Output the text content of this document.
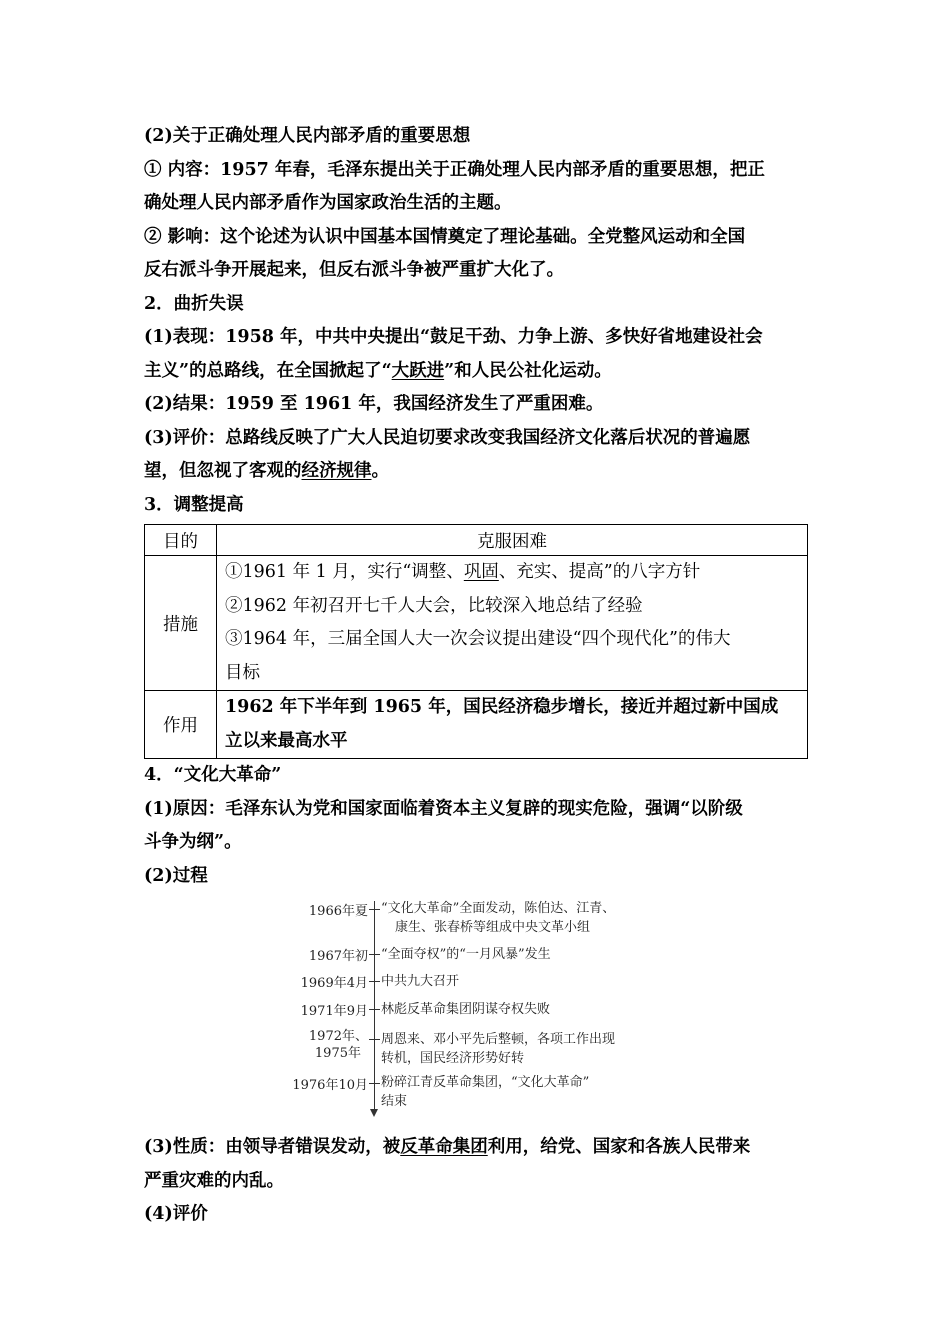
(2)关于正确处理人民内部矛盾的重要思想
① 内容：1957 年春，毛泽东提出关于正确处理人民内部矛盾的重要思想，把正
确处理人民内部矛盾作为国家政治生活的主题。
② 影响：这个论述为认识中国基本国情奠定了理论基础。全党整风运动和全国
反右派斗争开展起来，但反右派斗争被严重扩大化了。
2．曲折失误
(1)表现：1958 年，中共中央提出“鼓足干劲、力争上游、多快好省地建设社会
主义”的总路线，在全国掀起了“大跃进”和人民公社化运动。
(2)结果：1959 至 1961 年，我国经济发生了严重困难。
(3)评价：总路线反映了广大人民迫切要求改变我国经济文化落后状况的普遍愿
望，但忽视了客观的经济规律。
3．调整提高
目的	克服困难
措施	①1961 年 1 月，实行“调整、巩固、充实、提高”的八字方针
②1962 年初召开七千人大会，比较深入地总结了经验
③1964 年，三届全国人大一次会议提出建设“四个现代化”的伟大
目标

作用	1962 年下半年到 1965 年，国民经济稳步增长，接近并超过新中国成
立以来最高水平
4．“文化大革命”
(1)原因：毛泽东认为党和国家面临着资本主义复辟的现实危险，强调“以阶级
斗争为纲”。
(2)过程
1966年夏 “文化大革命”全面发动，陈伯达、江青、
康生、张春桥等组成中央文革小组
1967年初 “全面夺权”的“一月风暴”发生
1969年4月 中共九大召开
1971年9月 林彪反革命集团阴谋夺权失败
1972年、
1975年
周恩来、邓小平先后整顿，各项工作出现
转机，国民经济形势好转
1976年10月 粉碎江青反革命集团，“文化大革命”
结束
(3)性质：由领导者错误发动，被反革命集团利用，给党、国家和各族人民带来
严重灾难的内乱。
(4)评价
